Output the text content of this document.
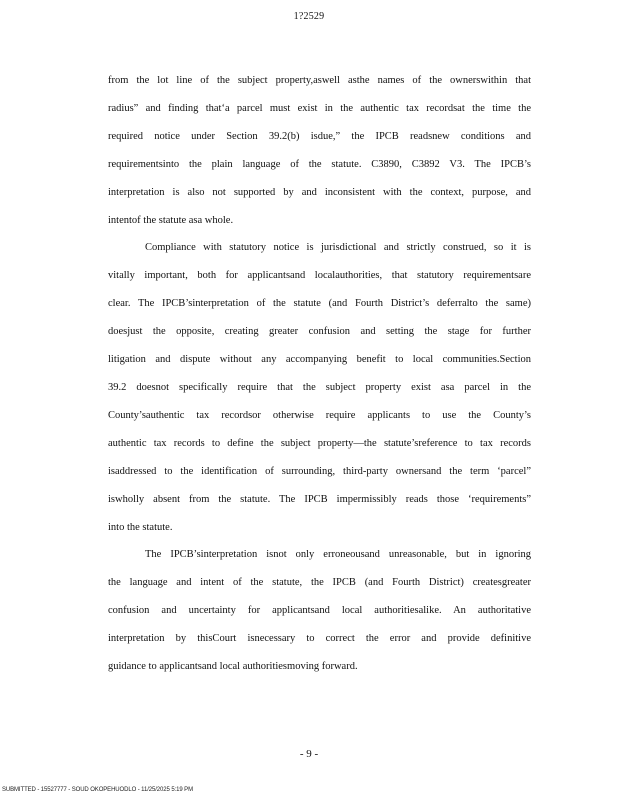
1?2529

from the lot line of the subject property,aswell asthe names of the ownerswithin that
radius” and finding that‘a parcel must exist in the authentic tax recordsat the time the
required notice under Section 39.2(b) isdue,” the IPCB readsnew conditions and
requirementsinto the plain language of the statute. C3890, C3892 V3. The IPCB’s
interpretation is also not supported by and inconsistent with the context, purpose, and
intentof the statute asa whole.

Compliance with statutory notice is jurisdictional and strictly construed, so it is
vitally important, both for applicantsand localauthorities, that statutory requirementsare
clear. The IPCB’sinterpretation of the statute (and Fourth District’s deferralto the same)
doesjust the opposite, creating greater confusion and setting the stage for further
litigation and dispute without any accompanying benefit to local communities.Section
39.2 doesnot specifically require that the subject property exist asa parcel in the
County’sauthentic tax recordsor otherwise require applicants to use the County’s
authentic tax records to define the subject property—the statute’sreference to tax records
isaddressed to the identification of surrounding, third-party ownersand the term ‘parcel”
iswholly absent from the statute. The IPCB impermissibly reads those ‘requirements”
into the statute.

The IPCB’sinterpretation isnot only erroneousand unreasonable, but in ignoring
the language and intent of the statute, the IPCB (and Fourth District) createsgreater
confusion and uncertainty for applicantsand local authoritiesalike. An authoritative
interpretation by thisCourt isnecessary to correct the error and provide definitive
guidance to applicantsand local authoritiesmoving forward.

- 9 -
SUBMITTED - 15527777 - SOUD OKOPEHUODLO - 11/25/2025 5:19 PM
